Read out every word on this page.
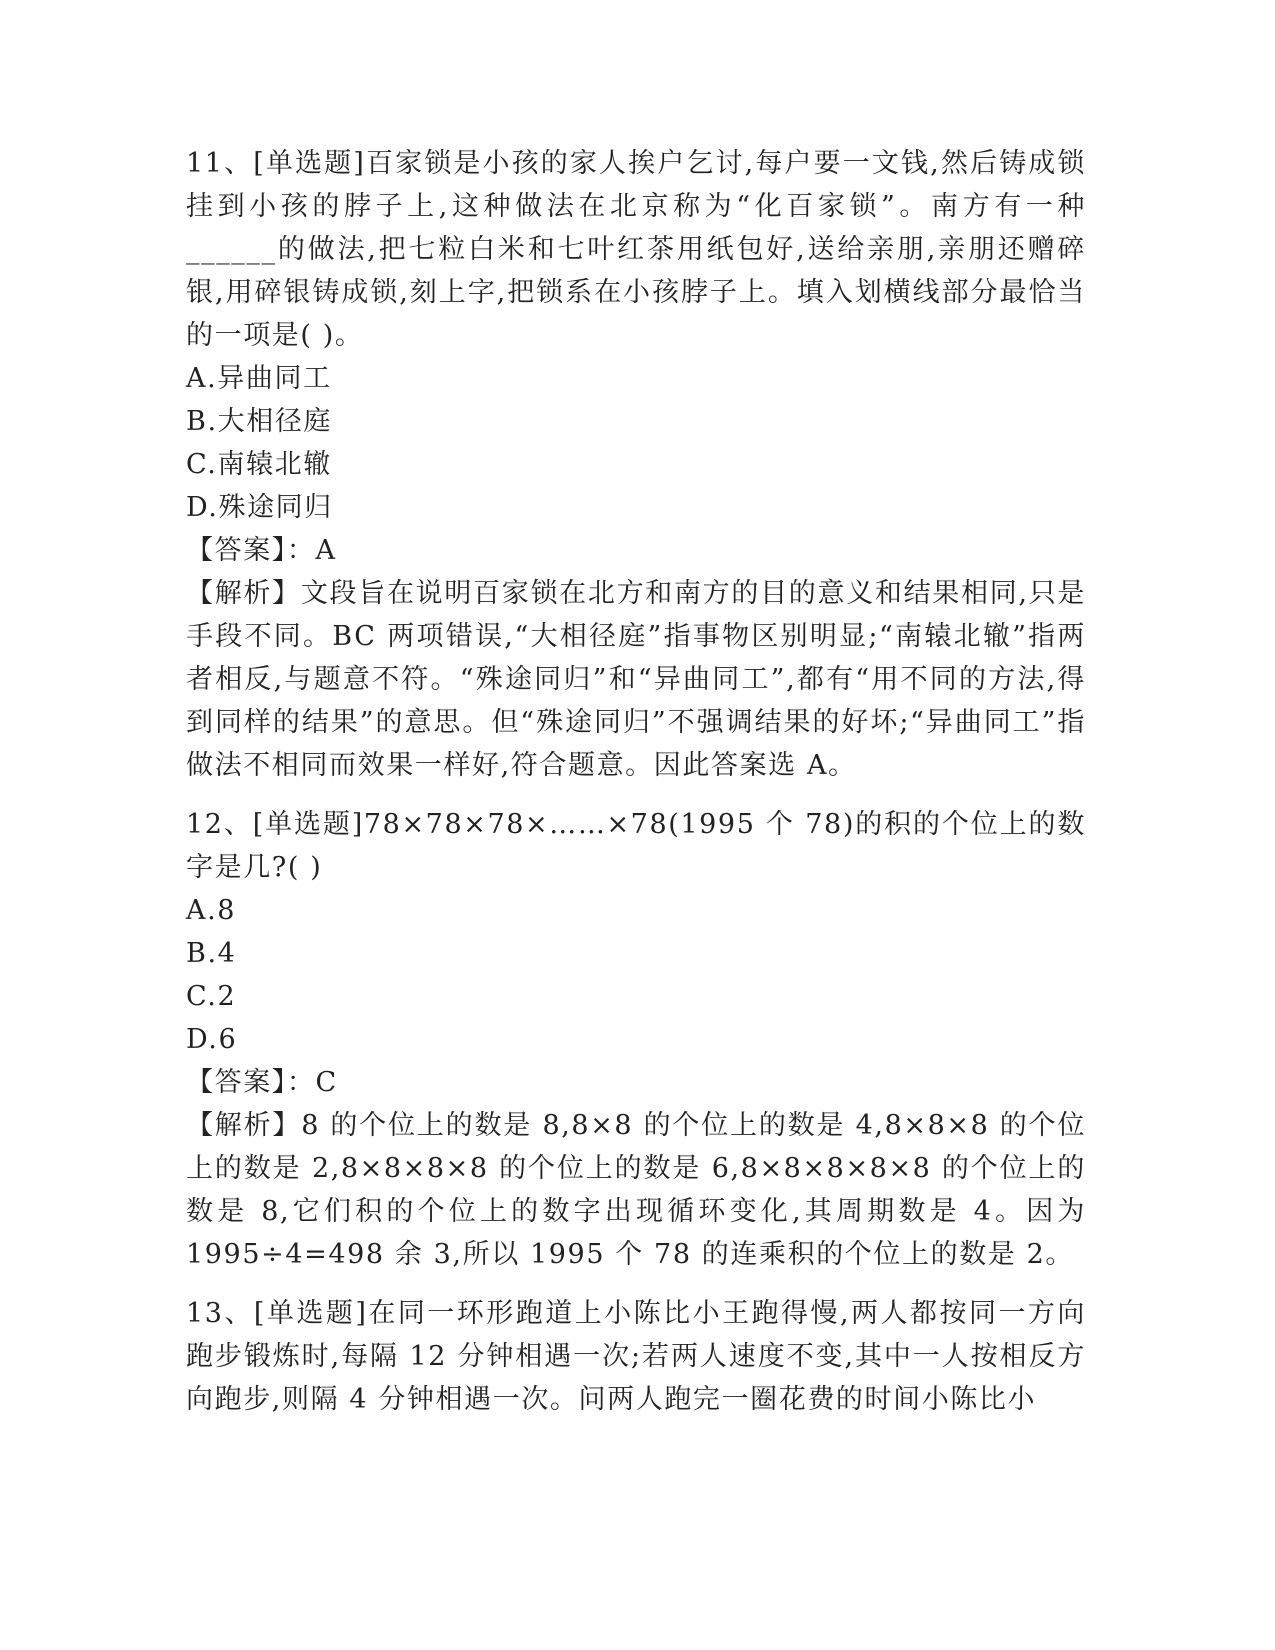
11、[单选题]百家锁是小孩的家人挨户乞讨,每户要一文钱,然后铸成锁挂到小孩的脖子上,这种做法在北京称为“化百家锁”。南方有一种______的做法,把七粒白米和七叶红茶用纸包好,送给亲朋,亲朋还赠碎银,用碎银铸成锁,刻上字,把锁系在小孩脖子上。填入划横线部分最恰当的一项是( )。

A.异曲同工

B.大相径庭

C.南辕北辙

D.殊途同归

【答案】：A

【解析】文段旨在说明百家锁在北方和南方的目的意义和结果相同,只是手段不同。BC 两项错误,“大相径庭”指事物区别明显;“南辕北辙”指两者相反,与题意不符。“殊途同归”和“异曲同工”,都有“用不同的方法,得到同样的结果”的意思。但“殊途同归”不强调结果的好坏;“异曲同工”指做法不相同而效果一样好,符合题意。因此答案选 A。

12、[单选题]78×78×78×……×78(1995 个 78)的积的个位上的数字是几?( )

A.8

B.4

C.2

D.6

【答案】：C

【解析】8 的个位上的数是 8,8×8 的个位上的数是 4,8×8×8 的个位上的数是 2,8×8×8×8 的个位上的数是 6,8×8×8×8×8 的个位上的数是 8,它们积的个位上的数字出现循环变化,其周期数是 4。因为1995÷4=498 余 3,所以 1995 个 78 的连乘积的个位上的数是 2。

13、[单选题]在同一环形跑道上小陈比小王跑得慢,两人都按同一方向跑步锻炼时,每隔 12 分钟相遇一次;若两人速度不变,其中一人按相反方向跑步,则隔 4 分钟相遇一次。问两人跑完一圈花费的时间小陈比小
